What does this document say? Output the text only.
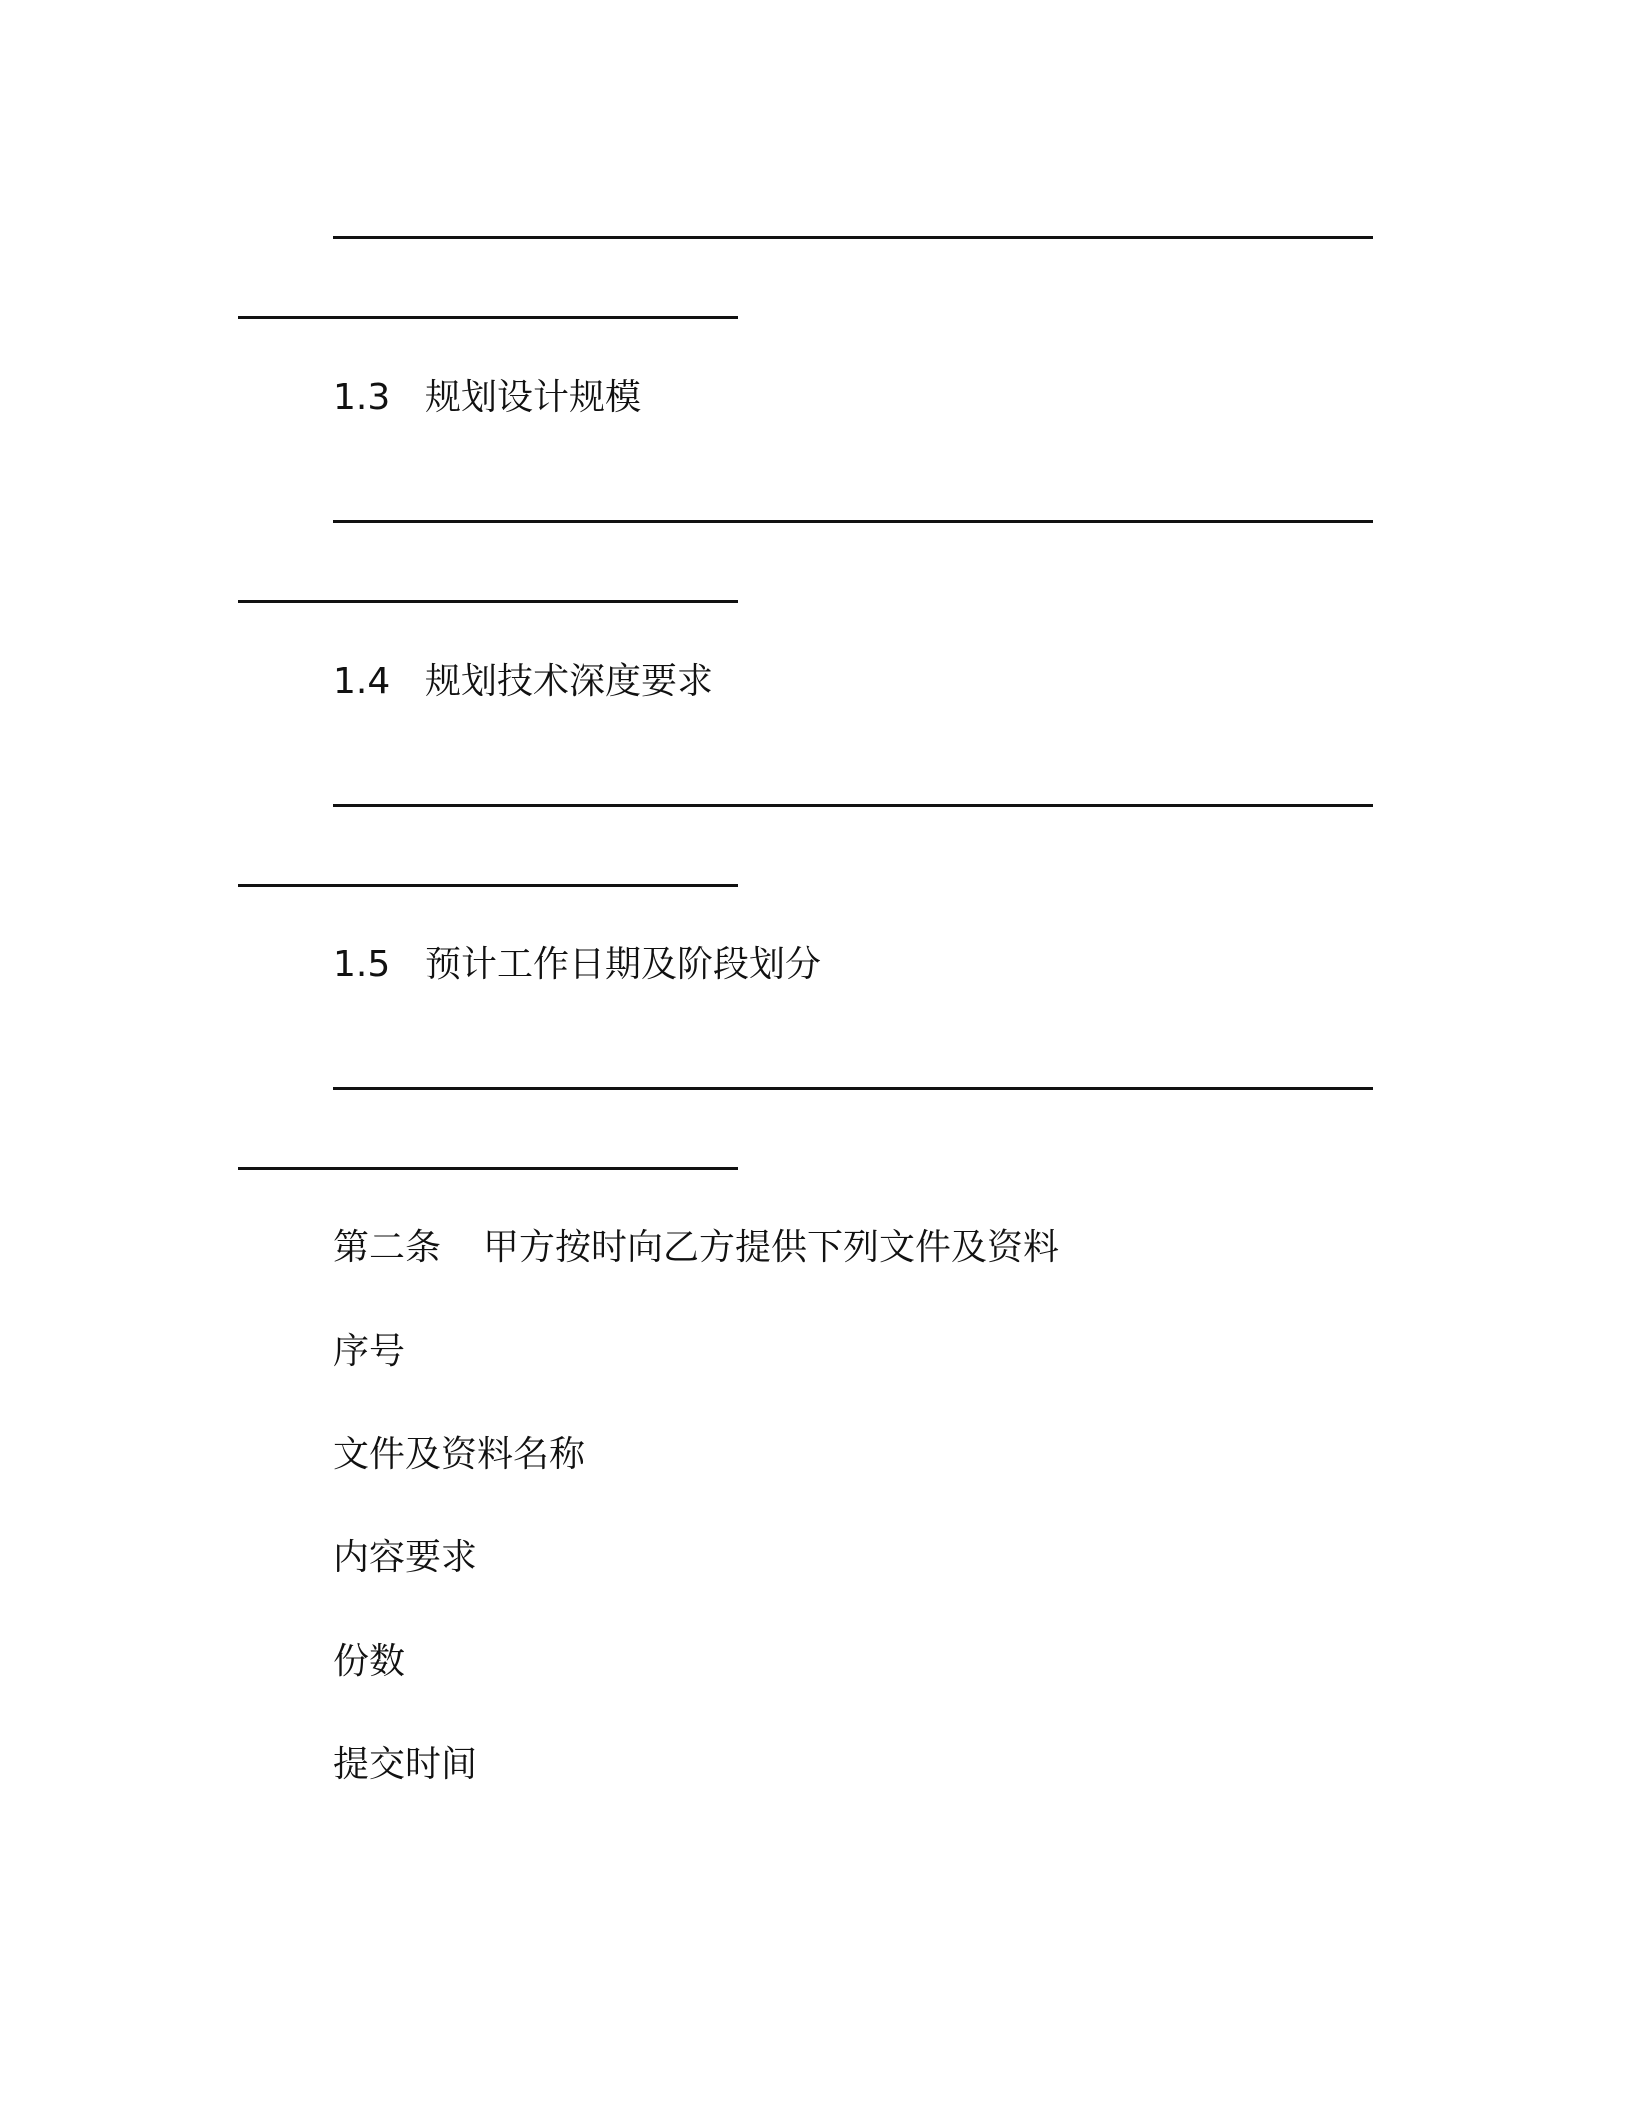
1.3 规划设计规模
1.4 规划技术深度要求
1.5 预计工作日期及阶段划分
第二条 甲方按时向乙方提供下列文件及资料
序号
文件及资料名称
内容要求
份数
提交时间
